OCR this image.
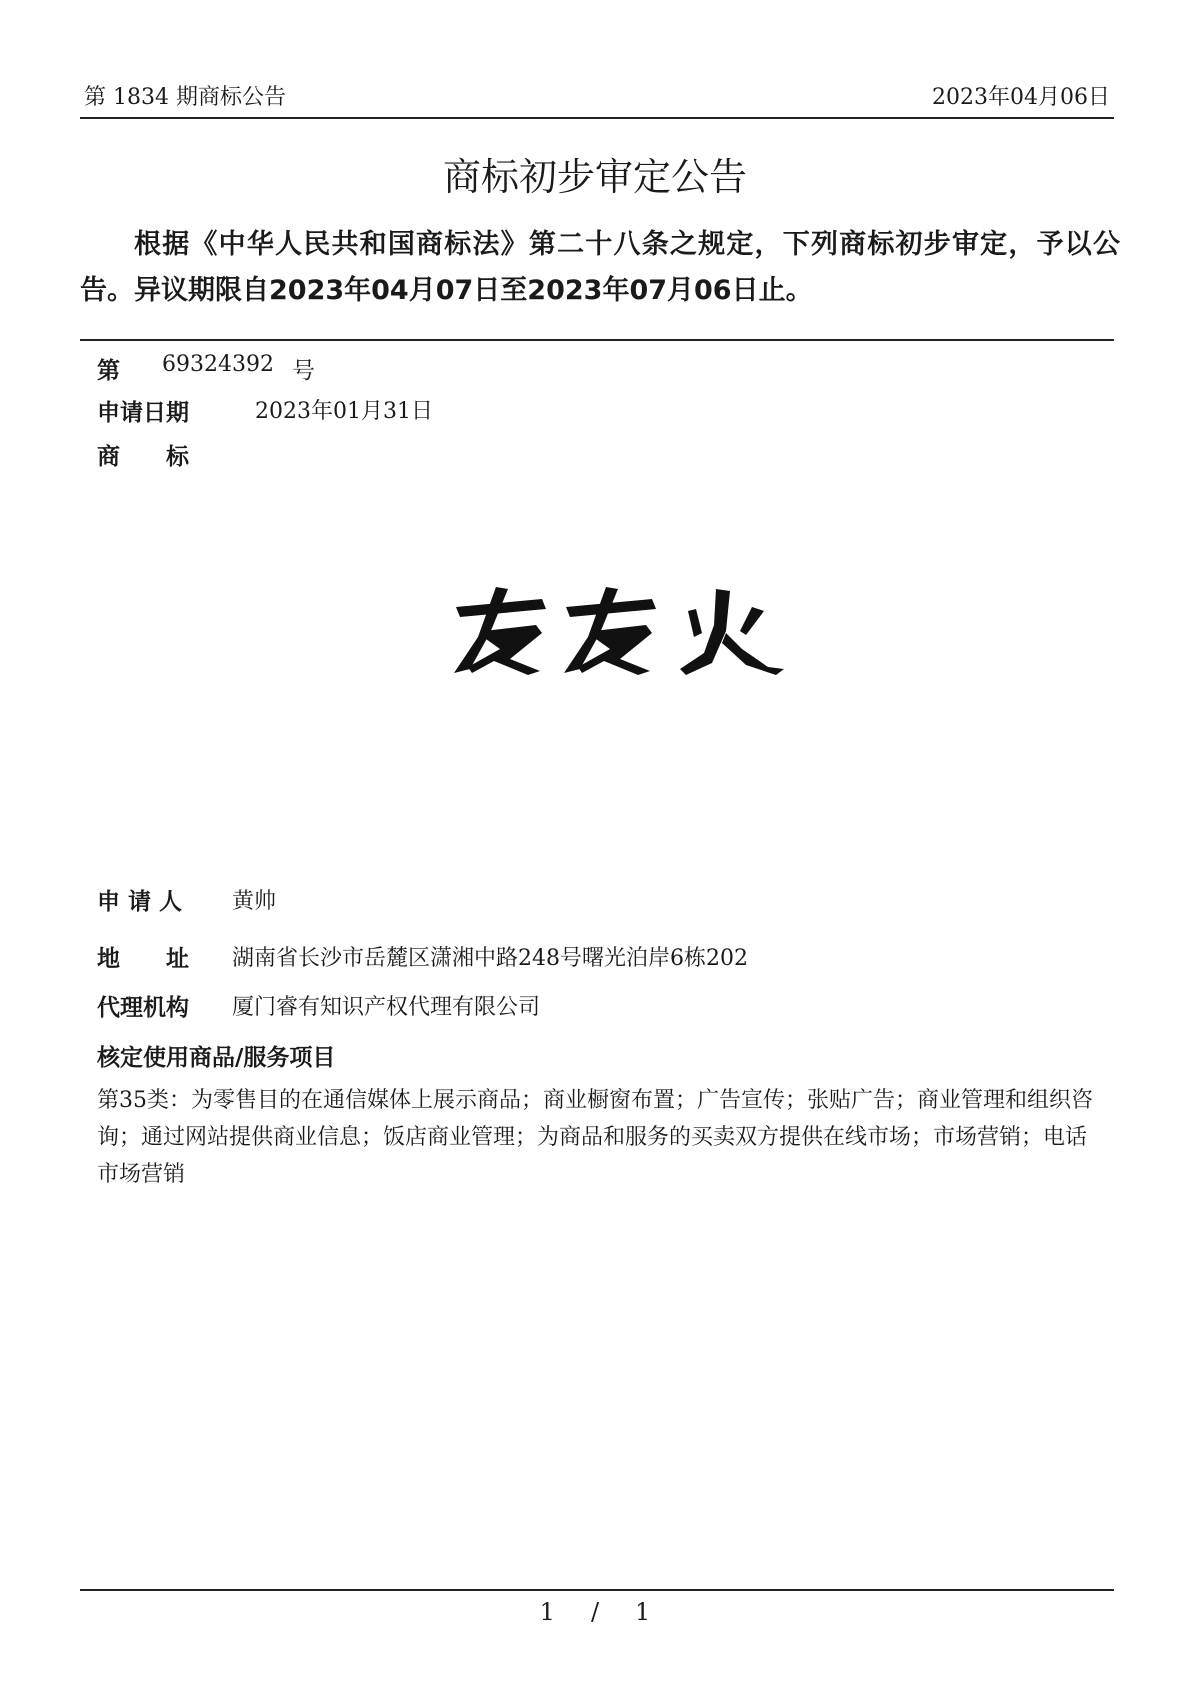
第 1834 期商标公告	2023年04月06日
商标初步审定公告
根据《中华人民共和国商标法》第二十八条之规定，下列商标初步审定，予以公告。异议期限自2023年04月07日至2023年07月06日止。
第 69324392 号
申请日期	2023年01月31日
商　　标
申 请 人 黄帅
地　　址 湖南省长沙市岳麓区潇湘中路248号曙光泊岸6栋202
代理机构 厦门睿有知识产权代理有限公司
核定使用商品/服务项目
第35类：为零售目的在通信媒体上展示商品；商业橱窗布置；广告宣传；张贴广告；商业管理和组织咨询；通过网站提供商业信息；饭店商业管理；为商品和服务的买卖双方提供在线市场；市场营销；电话市场营销
1 / 1
